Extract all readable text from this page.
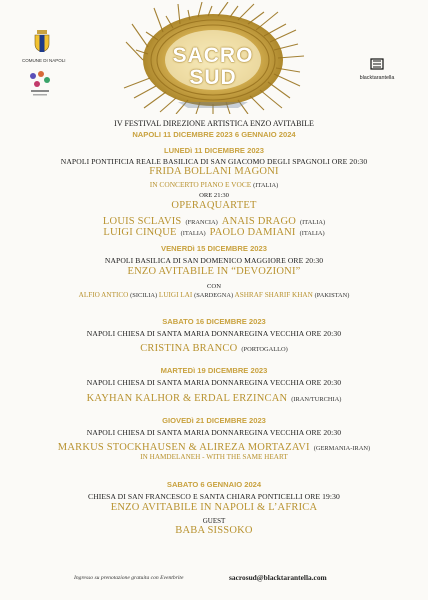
SACRO
SUD
COMUNE DI NAPOLI
blacktarantella
IV FESTIVAL DIREZIONE ARTISTICA ENZO AVITABILE
NAPOLI 11 DICEMBRE 2023 6 GENNAIO 2024
LUNEDì 11 DICEMBRE 2023
NAPOLI PONTIFICIA REALE BASILICA DI SAN GIACOMO DEGLI SPAGNOLI ORE 20:30
FRIDA BOLLANI MAGONI
IN CONCERTO PIANO E VOCE (ITALIA)
ORE 21:30
OPERAQUARTET
LOUIS SCLAVIS (FRANCIA) ANAIS DRAGO (ITALIA)
LUIGI CINQUE (ITALIA) PAOLO DAMIANI (ITALIA)
VENERDì 15 DICEMBRE 2023
NAPOLI BASILICA DI SAN DOMENICO MAGGIORE ORE 20:30
ENZO AVITABILE IN “DEVOZIONI”
CON
ALFIO ANTICO (SICILIA) LUIGI LAI (SARDEGNA) ASHRAF SHARIF KHAN (PAKISTAN)
SABATO 16 DICEMBRE 2023
NAPOLI CHIESA DI SANTA MARIA DONNAREGINA VECCHIA ORE 20:30
CRISTINA BRANCO (PORTOGALLO)
MARTEDì 19 DICEMBRE 2023
NAPOLI CHIESA DI SANTA MARIA DONNAREGINA VECCHIA ORE 20:30
KAYHAN KALHOR & ERDAL ERZINCAN (IRAN/TURCHIA)
GIOVEDì 21 DICEMBRE 2023
NAPOLI CHIESA DI SANTA MARIA DONNAREGINA VECCHIA ORE 20:30
MARKUS STOCKHAUSEN & ALIREZA MORTAZAVI (GERMANIA-IRAN)
IN HAMDELANEH - WITH THE SAME HEART
SABATO 6 GENNAIO 2024
CHIESA DI SAN FRANCESCO E SANTA CHIARA PONTICELLI ORE 19:30
ENZO AVITABILE IN NAPOLI & L’AFRICA
GUEST
BABA SISSOKO
Ingresso su prenotazione gratuita con Eventbrite	sacrosud@blacktarantella.com
